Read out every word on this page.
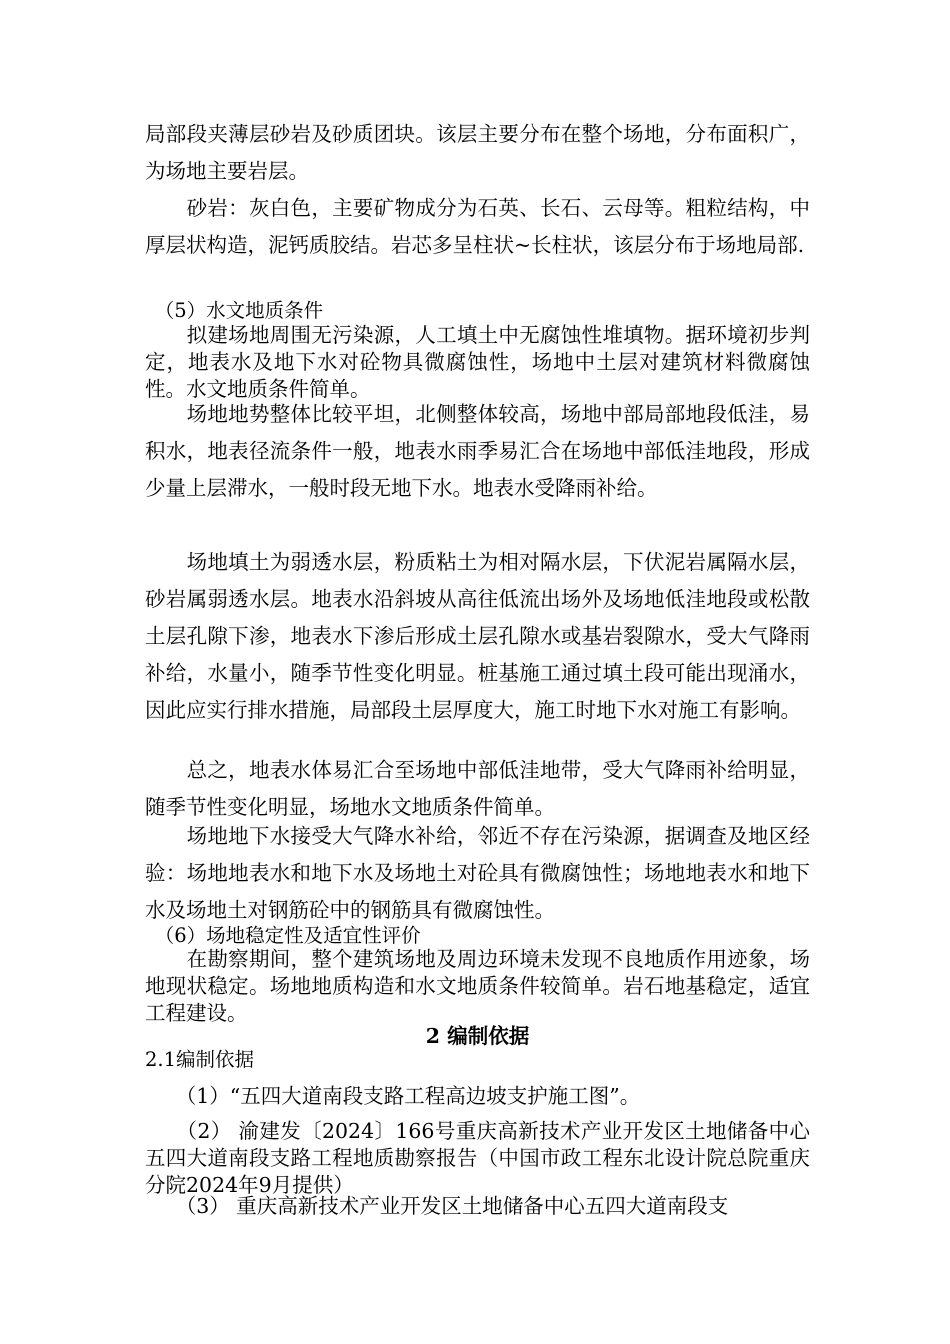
局部段夹薄层砂岩及砂质团块。该层主要分布在整个场地，分布面积广，为场地主要岩层。

　　砂岩：灰白色，主要矿物成分为石英、长石、云母等。粗粒结构，中厚层状构造，泥钙质胶结。岩芯多呈柱状~长柱状，该层分布于场地局部.

　（5）水文地质条件

　　拟建场地周围无污染源，人工填土中无腐蚀性堆填物。据环境初步判定，地表水及地下水对砼物具微腐蚀性，场地中土层对建筑材料微腐蚀性。水文地质条件简单。

　　场地地势整体比较平坦，北侧整体较高，场地中部局部地段低洼，易积水，地表径流条件一般，地表水雨季易汇合在场地中部低洼地段，形成少量上层滞水，一般时段无地下水。地表水受降雨补给。

　　场地填土为弱透水层，粉质粘土为相对隔水层，下伏泥岩属隔水层，砂岩属弱透水层。地表水沿斜坡从高往低流出场外及场地低洼地段或松散土层孔隙下渗，地表水下渗后形成土层孔隙水或基岩裂隙水，受大气降雨补给，水量小，随季节性变化明显。桩基施工通过填土段可能出现涌水，因此应实行排水措施，局部段土层厚度大，施工时地下水对施工有影响。

　　总之，地表水体易汇合至场地中部低洼地带，受大气降雨补给明显，随季节性变化明显，场地水文地质条件简单。

　　场地地下水接受大气降水补给，邻近不存在污染源，据调查及地区经验：场地地表水和地下水及场地土对砼具有微腐蚀性；场地地表水和地下水及场地土对钢筋砼中的钢筋具有微腐蚀性。

　（6）场地稳定性及适宜性评价

　　在勘察期间，整个建筑场地及周边环境未发现不良地质作用迹象，场地现状稳定。场地地质构造和水文地质条件较简单。岩石地基稳定，适宜工程建设。

2 编制依据

2.1编制依据

　　（1）“五四大道南段支路工程高边坡支护施工图”。

　　（2） 渝建发〔2024〕166号重庆高新技术产业开发区土地储备中心五四大道南段支路工程地质勘察报告（中国市政工程东北设计院总院重庆分院2024年9月提供）

　　（3） 重庆高新技术产业开发区土地储备中心五四大道南段支
